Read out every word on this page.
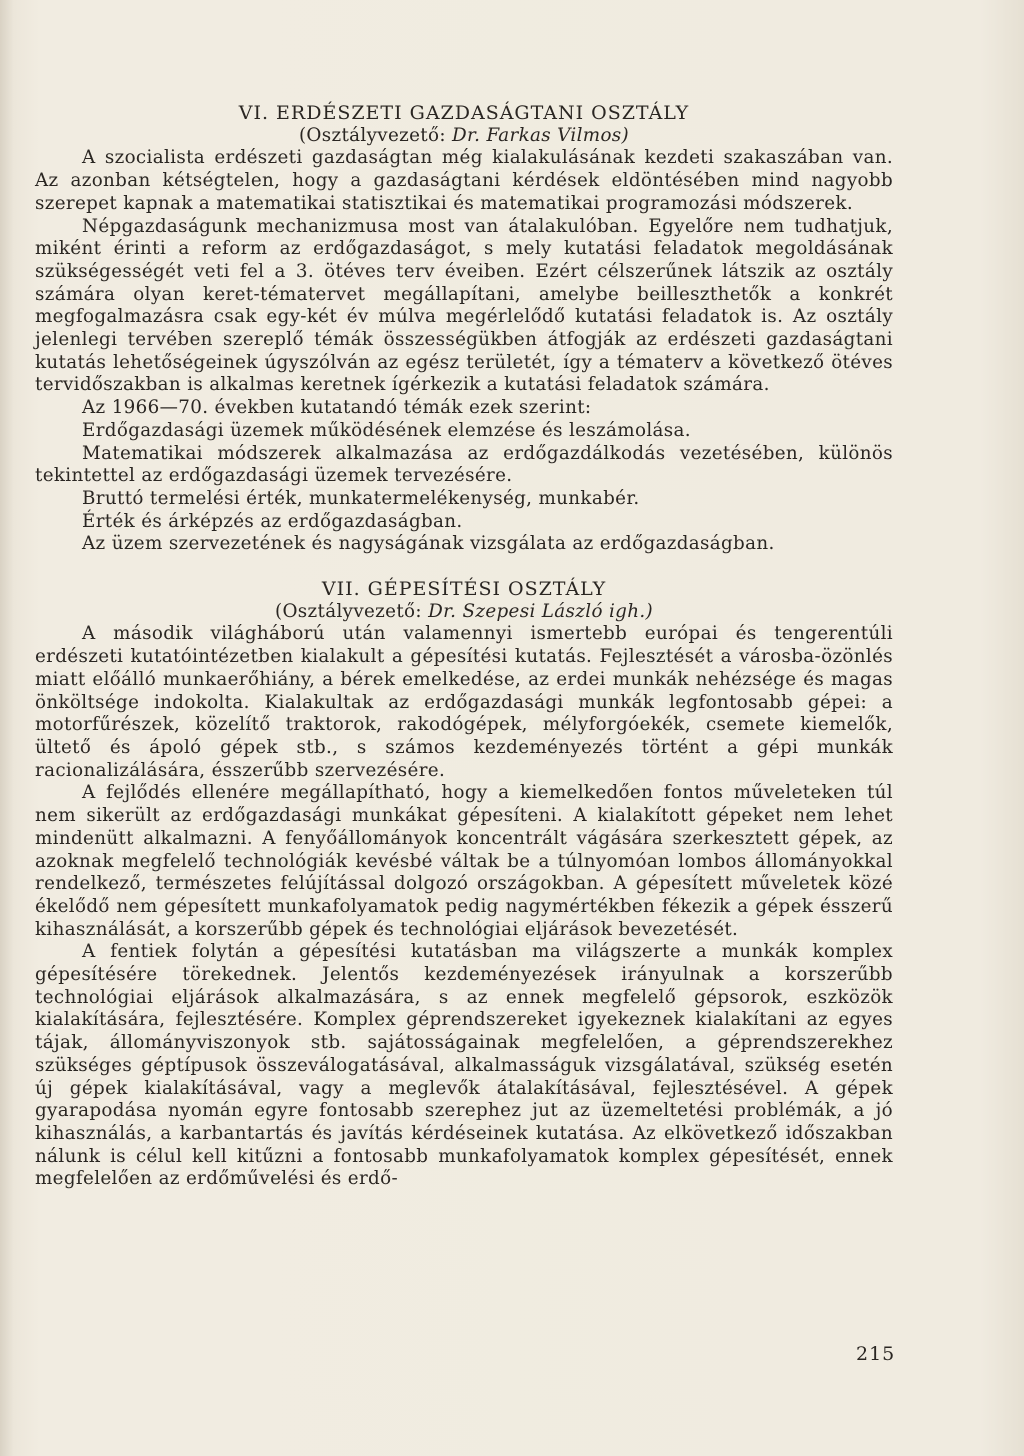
VI. ERDÉSZETI GAZDASÁGTANI OSZTÁLY
(Osztályvezető: Dr. Farkas Vilmos)

A szocialista erdészeti gazdaságtan még kialakulásának kezdeti szakaszában van. Az azonban kétségtelen, hogy a gazdaságtani kérdések eldöntésében mind nagyobb szerepet kapnak a matematikai statisztikai és matematikai programozási módszerek.

Népgazdaságunk mechanizmusa most van átalakulóban. Egyelőre nem tudhatjuk, miként érinti a reform az erdőgazdaságot, s mely kutatási feladatok megoldásának szükségességét veti fel a 3. ötéves terv éveiben. Ezért célszerűnek látszik az osztály számára olyan keret-tématervet megállapítani, amelybe beilleszthetők a konkrét megfogalmazásra csak egy-két év múlva megérlelődő kutatási feladatok is. Az osztály jelenlegi tervében szereplő témák összességükben átfogják az erdészeti gazdaságtani kutatás lehetőségeinek úgyszólván az egész területét, így a tématerv a következő ötéves tervidőszakban is alkalmas keretnek ígérkezik a kutatási feladatok számára.

Az 1966—70. években kutatandó témák ezek szerint:

Erdőgazdasági üzemek működésének elemzése és leszámolása.

Matematikai módszerek alkalmazása az erdőgazdálkodás vezetésében, különös tekintettel az erdőgazdasági üzemek tervezésére.

Bruttó termelési érték, munkatermelékenység, munkabér.

Érték és árképzés az erdőgazdaságban.

Az üzem szervezetének és nagyságának vizsgálata az erdőgazdaságban.

VII. GÉPESÍTÉSI OSZTÁLY
(Osztályvezető: Dr. Szepesi László igh.)

A második világháború után valamennyi ismertebb európai és tengerentúli erdészeti kutatóintézetben kialakult a gépesítési kutatás. Fejlesztését a városba-özönlés miatt előálló munkaerőhiány, a bérek emelkedése, az erdei munkák nehézsége és magas önköltsége indokolta. Kialakultak az erdőgazdasági munkák legfontosabb gépei: a motorfűrészek, közelítő traktorok, rakodógépek, mélyforgóekék, csemete kiemelők, ültető és ápoló gépek stb., s számos kezdeményezés történt a gépi munkák racionalizálására, ésszerűbb szervezésére.

A fejlődés ellenére megállapítható, hogy a kiemelkedően fontos műveleteken túl nem sikerült az erdőgazdasági munkákat gépesíteni. A kialakított gépeket nem lehet mindenütt alkalmazni. A fenyőállományok koncentrált vágására szerkesztett gépek, az azoknak megfelelő technológiák kevésbé váltak be a túlnyomóan lombos állományokkal rendelkező, természetes felújítással dolgozó országokban. A gépesített műveletek közé ékelődő nem gépesített munkafolyamatok pedig nagymértékben fékezik a gépek ésszerű kihasználását, a korszerűbb gépek és technológiai eljárások bevezetését.

A fentiek folytán a gépesítési kutatásban ma világszerte a munkák komplex gépesítésére törekednek. Jelentős kezdeményezések irányulnak a korszerűbb technológiai eljárások alkalmazására, s az ennek megfelelő gépsorok, eszközök kialakítására, fejlesztésére. Komplex géprendszereket igyekeznek kialakítani az egyes tájak, állományviszonyok stb. sajátosságainak megfelelően, a géprendszerekhez szükséges géptípusok összeválogatásával, alkalmasságuk vizsgálatával, szükség esetén új gépek kialakításával, vagy a meglevők átalakításával, fejlesztésével. A gépek gyarapodása nyomán egyre fontosabb szerephez jut az üzemeltetési problémák, a jó kihasználás, a karbantartás és javítás kérdéseinek kutatása. Az elkövetkező időszakban nálunk is célul kell kitűzni a fontosabb munkafolyamatok komplex gépesítését, ennek megfelelően az erdőművelési és erdő-

215
